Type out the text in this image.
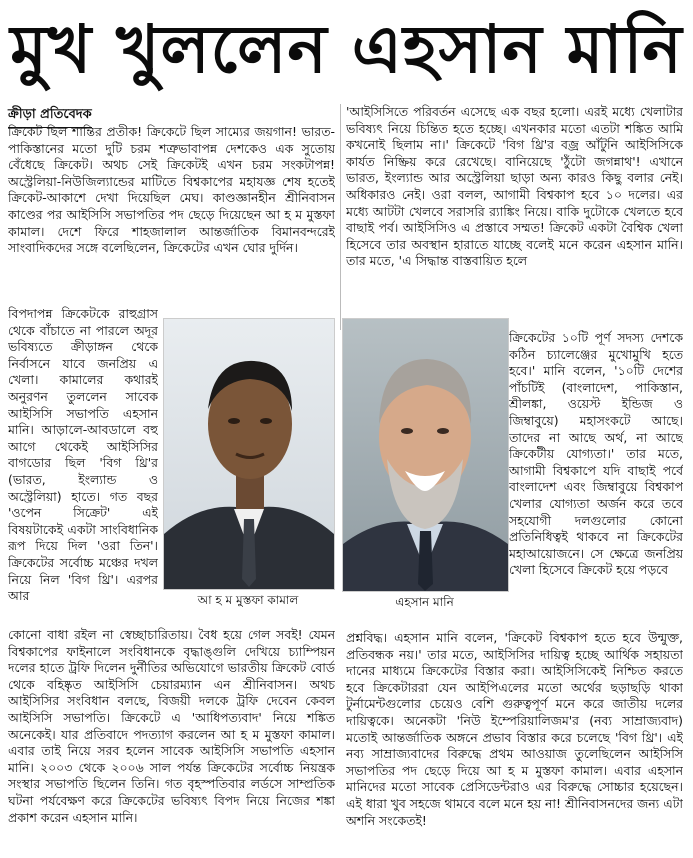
মুখ খুললেন এহসান মানি
ক্রীড়া প্রতিবেদক

ক্রিকেট ছিল শান্তির প্রতীক! ক্রিকেটে ছিল সাম্যের জয়গান! ভারত-পাকিস্তানের মতো দুটি চরম শত্রুভাবাপন্ন দেশকেও এক সুতোয় বেঁধেছে ক্রিকেট। অথচ সেই ক্রিকেটই এখন চরম সংকটাপন্ন! অস্ট্রেলিয়া-নিউজিল্যান্ডের মাটিতে বিশ্বকাপের মহাযজ্ঞ শেষ হতেই ক্রিকেট-আকাশে দেখা দিয়েছিল মেঘ। কাণ্ডজ্ঞানহীন শ্রীনিবাসন কাণ্ডের পর আইসিসি সভাপতির পদ ছেড়ে দিয়েছেন আ হ ম মুস্তফা কামাল। দেশে ফিরে শাহজালাল আন্তর্জাতিক বিমানবন্দরেই সাংবাদিকদের সঙ্গে বলেছিলেন, ক্রিকেটের এখন ঘোর দুর্দিন।

বিপদাপন্ন ক্রিকেটকে রাহুগ্রাস থেকে বাঁচাতে না পারলে অদূর ভবিষ্যতে ক্রীড়াঙ্গন থেকে নির্বাসনে যাবে জনপ্রিয় এ খেলা। কামালের কথারই অনুরণন তুললেন সাবেক আইসিসি সভাপতি এহসান মানি। আড়ালে-আবডালে বহু আগে থেকেই আইসিসির বাগডোর ছিল 'বিগ থ্রি'র (ভারত, ইংল্যান্ড ও অস্ট্রেলিয়া) হাতে। গত বছর 'ওপেন সিক্রেট' এই বিষয়টাকেই একটা সাংবিধানিক রূপ দিয়ে দিল 'ওরা তিন'। ক্রিকেটের সর্বোচ্চ মঞ্চের দখল নিয়ে নিল 'বিগ থ্রি'। এরপর আর

কোনো বাধা রইল না স্বেচ্ছাচারিতায়। বৈধ হয়ে গেল সবই! যেমন বিশ্বকাপের ফাইনালে সংবিধানকে বৃদ্ধাঙ্গুলি দেখিয়ে চ্যাম্পিয়ন দলের হাতে ট্রফি দিলেন দুর্নীতির অভিযোগে ভারতীয় ক্রিকেট বোর্ড থেকে বহিষ্কৃত আইসিসি চেয়ারম্যান এন শ্রীনিবাসন। অথচ আইসিসির সংবিধান বলছে, বিজয়ী দলকে ট্রফি দেবেন কেবল আইসিসি সভাপতি। ক্রিকেটে এ 'আধিপত্যবাদ' নিয়ে শঙ্কিত অনেকেই। যার প্রতিবাদে পদত্যাগ করলেন আ হ ম মুস্তফা কামাল। এবার তাই নিয়ে সরব হলেন সাবেক আইসিসি সভাপতি এহসান মানি। ২০০৩ থেকে ২০০৬ সাল পর্যন্ত ক্রিকেটের সর্বোচ্চ নিয়ন্ত্রক সংস্থার সভাপতি ছিলেন তিনি। গত বৃহস্পতিবার লর্ডসে সাম্প্রতিক ঘটনা পর্যবেক্ষণ করে ক্রিকেটের ভবিষ্যৎ বিপদ নিয়ে নিজের শঙ্কা প্রকাশ করেন এহসান মানি।

'আইসিসিতে পরিবর্তন এসেছে এক বছর হলো। এরই মধ্যে খেলাটার ভবিষ্যৎ নিয়ে চিন্তিত হতে হচ্ছে। এখনকার মতো এতটা শঙ্কিত আমি কখনোই ছিলাম না।' ক্রিকেটে 'বিগ থ্রি'র বজ্র আঁটুনি আইসিসিকে কার্যত নিষ্ক্রিয় করে রেখেছে। বানিয়েছে 'ঠুঁটো জগন্নাথ'! এখানে ভারত, ইংল্যান্ড আর অস্ট্রেলিয়া ছাড়া অন্য কারও কিছু বলার নেই। অধিকারও নেই। ওরা বলল, আগামী বিশ্বকাপ হবে ১০ দলের। এর মধ্যে আটটা খেলবে সরাসরি র‍্যাঙ্কিং নিয়ে। বাকি দুটোকে খেলতে হবে বাছাই পর্ব। আইসিসিও এ প্রস্তাবে সম্মত! ক্রিকেট একটা বৈশ্বিক খেলা হিসেবে তার অবস্থান হারাতে যাচ্ছে বলেই মনে করেন এহসান মানি। তার মতে, 'এ সিদ্ধান্ত বাস্তবায়িত হলে

ক্রিকেটের ১০টি পূর্ণ সদস্য দেশকে কঠিন চ্যালেঞ্জের মুখোমুখি হতে হবে।' মানি বলেন, '১০টি দেশের পাঁচটিই (বাংলাদেশ, পাকিস্তান, শ্রীলঙ্কা, ওয়েস্ট ইন্ডিজ ও জিম্বাবুয়ে) মহাসংকটে আছে। তাদের না আছে অর্থ, না আছে ক্রিকেটীয় যোগ্যতা।' তার মতে, আগামী বিশ্বকাপে যদি বাছাই পর্বে বাংলাদেশ এবং জিম্বাবুয়ে বিশ্বকাপ খেলার যোগ্যতা অর্জন করে তবে সহযোগী দলগুলোর কোনো প্রতিনিধিত্বই থাকবে না ক্রিকেটের মহাআয়োজনে। সে ক্ষেত্রে জনপ্রিয় খেলা হিসেবে ক্রিকেট হয়ে পড়বে

প্রশ্নবিদ্ধ। এহসান মানি বলেন, 'ক্রিকেট বিশ্বকাপ হতে হবে উন্মুক্ত, প্রতিবন্ধক নয়।' তার মতে, আইসিসির দায়িত্ব হচ্ছে আর্থিক সহায়তা দানের মাধ্যমে ক্রিকেটের বিস্তার করা। আইসিসিকেই নিশ্চিত করতে হবে ক্রিকেটাররা যেন আইপিএলের মতো অর্থের ছড়াছড়ি থাকা টুর্নামেন্টগুলোর চেয়েও বেশি গুরুত্বপূর্ণ মনে করে জাতীয় দলের দায়িত্বকে। অনেকটা 'নিউ ইম্পেরিয়ালিজম'র (নব্য সাম্রাজ্যবাদ) মতোই আন্তর্জাতিক অঙ্গনে প্রভাব বিস্তার করে চলেছে 'বিগ থ্রি'। এই নব্য সাম্রাজ্যবাদের বিরুদ্ধে প্রথম আওয়াজ তুলেছিলেন আইসিসি সভাপতির পদ ছেড়ে দিয়ে আ হ ম মুস্তফা কামাল। এবার এহসান মানিদের মতো সাবেক প্রেসিডেন্টরাও এর বিরুদ্ধে সোচ্চার হয়েছেন। এই ধারা খুব সহজে থামবে বলে মনে হয় না! শ্রীনিবাসনদের জন্য এটা অশনি সংকেতই!

আ হ ম মুস্তফা কামাল	এহসান মানি
